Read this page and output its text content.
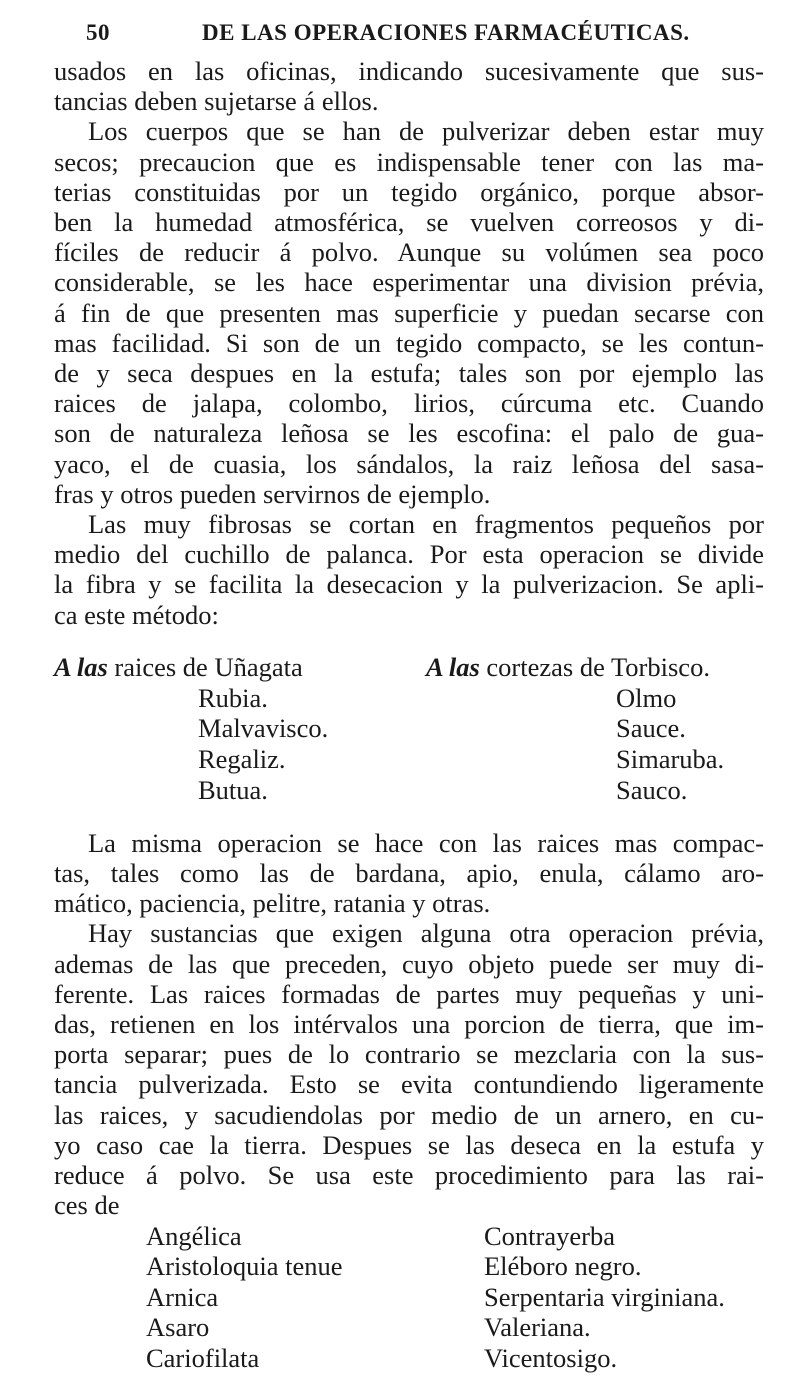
50	DE LAS OPERACIONES FARMACÉUTICAS.

usados en las oficinas, indicando sucesivamente que sus-
tancias deben sujetarse á ellos.

Los cuerpos que se han de pulverizar deben estar muy
secos; precaucion que es indispensable tener con las ma-
terias constituidas por un tegido orgánico, porque absor-
ben la humedad atmosférica, se vuelven correosos y di-
fíciles de reducir á polvo. Aunque su volúmen sea poco
considerable, se les hace esperimentar una division prévia,
á fin de que presenten mas superficie y puedan secarse con
mas facilidad. Si son de un tegido compacto, se les contun-
de y seca despues en la estufa; tales son por ejemplo las
raices de jalapa, colombo, lirios, cúrcuma etc. Cuando
son de naturaleza leñosa se les escofina: el palo de gua-
yaco, el de cuasia, los sándalos, la raiz leñosa del sasa-
fras y otros pueden servirnos de ejemplo.

Las muy fibrosas se cortan en fragmentos pequeños por
medio del cuchillo de palanca. Por esta operacion se divide
la fibra y se facilita la desecacion y la pulverizacion. Se apli-
ca este método:

A las raices de Uñagata
Rubia.
Malvavisco.
Regaliz.
Butua.
A las cortezas de Torbisco.
Olmo
Sauce.
Simaruba.
Sauco.

La misma operacion se hace con las raices mas compac-
tas, tales como las de bardana, apio, enula, cálamo aro-
mático, paciencia, pelitre, ratania y otras.

Hay sustancias que exigen alguna otra operacion prévia,
ademas de las que preceden, cuyo objeto puede ser muy di-
ferente. Las raices formadas de partes muy pequeñas y uni-
das, retienen en los intérvalos una porcion de tierra, que im-
porta separar; pues de lo contrario se mezclaria con la sus-
tancia pulverizada. Esto se evita contundiendo ligeramente
las raices, y sacudiendolas por medio de un arnero, en cu-
yo caso cae la tierra. Despues se las deseca en la estufa y
reduce á polvo. Se usa este procedimiento para las rai-
ces de

Angélica
Aristoloquia tenue
Arnica
Asaro
Cariofilata
Contrayerba
Eléboro negro.
Serpentaria virginiana.
Valeriana.
Vicentosigo.
